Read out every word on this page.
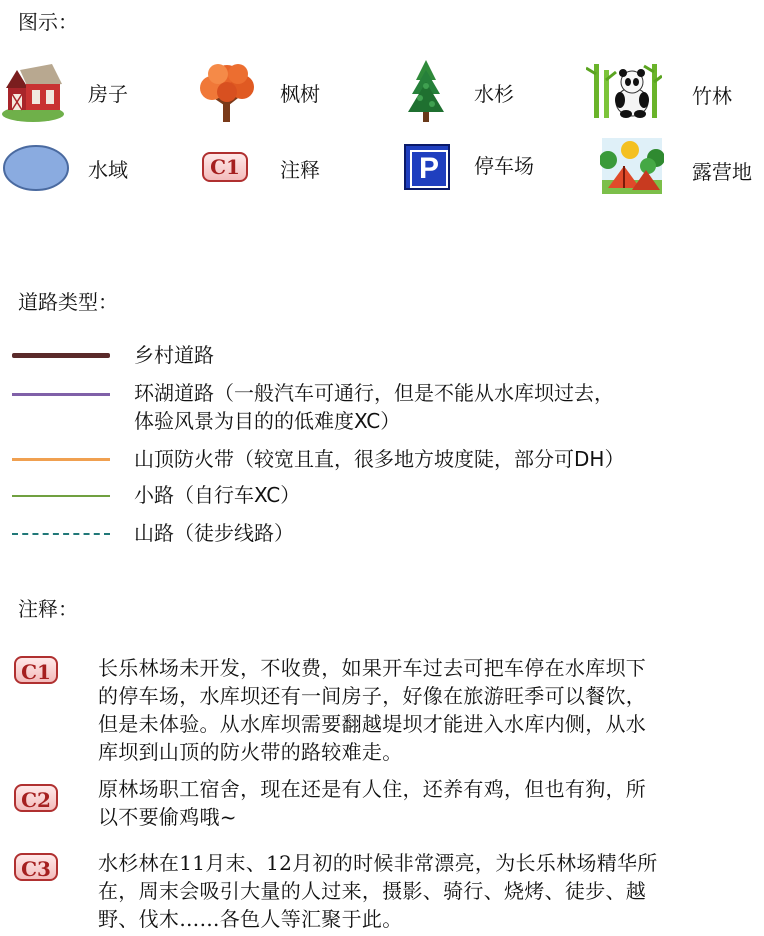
图示：
房子	枫树	水杉	竹林
水域	C1	注释	P	停车场	露营地
道路类型：
乡村道路
环湖道路（一般汽车可通行，但是不能从水库坝过去，
体验风景为目的的低难度XC）
山顶防火带（较宽且直，很多地方坡度陡，部分可DH）
小路（自行车XC）
山路（徒步线路）
注释：
C1	长乐林场未开发，不收费，如果开车过去可把车停在水库坝下
的停车场，水库坝还有一间房子，好像在旅游旺季可以餐饮，
但是未体验。从水库坝需要翻越堤坝才能进入水库内侧，从水
库坝到山顶的防火带的路较难走。
C2	原林场职工宿舍，现在还是有人住，还养有鸡，但也有狗，所
以不要偷鸡哦~
C3	水杉林在11月末、12月初的时候非常漂亮，为长乐林场精华所
在，周末会吸引大量的人过来，摄影、骑行、烧烤、徒步、越
野、伐木……各色人等汇聚于此。
